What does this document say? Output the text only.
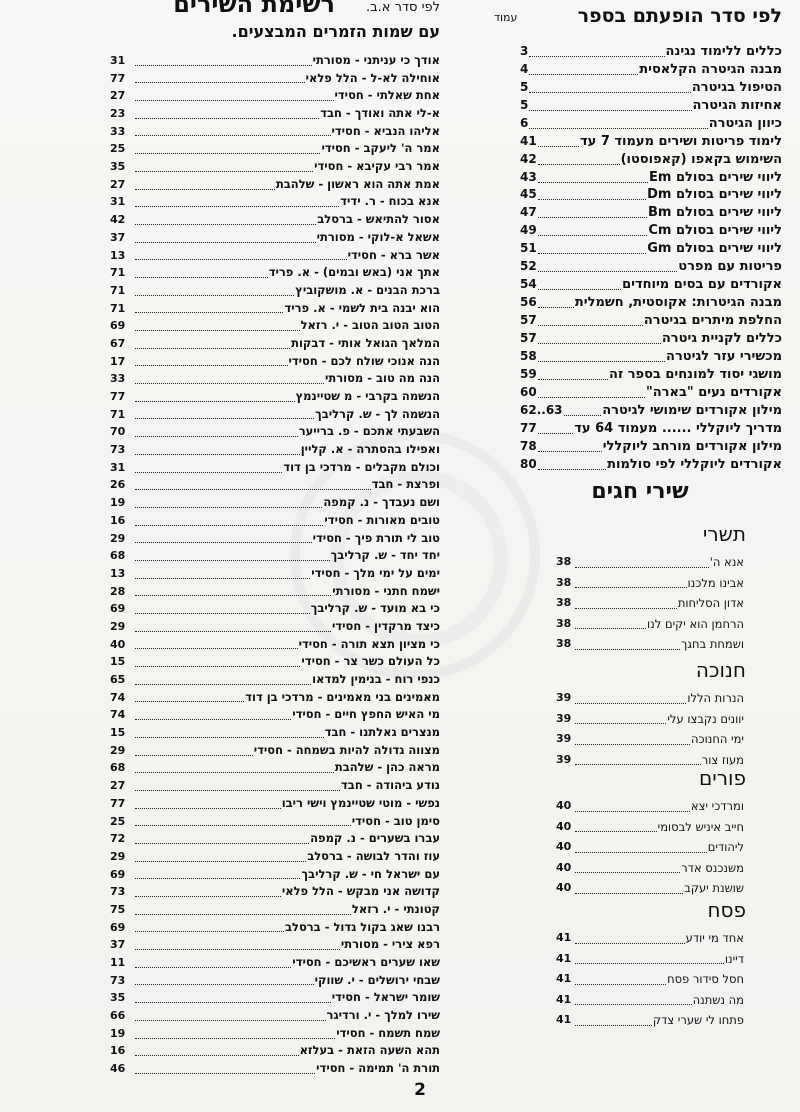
רשימת השירים לפי סדר א.ב.
עם שמות הזמרים המבצעים.
אודך כי עניתני - מסורתי
31
אוחילה לא-ל - הלל פלאי
77
אחת שאלתי - חסידי
27
א-לי אתה ואודך - חבד
23
אליהו הנביא - חסידי
33
אמר ה' ליעקב - חסידי
25
אמר רבי עקיבא - חסידי
35
אמת אתה הוא ראשון - שלהבת
27
אנא בכוח - ר. ידיד
31
אסור להתיאש - ברסלב
42
אשאל א-לוקי - מסורתי
37
אשר ברא - חסידי
13
אתך אני (באש ובמים) - א. פריד
71
ברכת הבנים - א. מושקוביץ
71
הוא יבנה בית לשמי - א. פריד
71
הטוב הטוב הטוב - י. רזאל
69
המלאך הגואל אותי - דבקות
67
הנה אנוכי שולח לכם - חסידי
17
הנה מה טוב - מסורתי
33
הנשמה בקרבי - מ שטיינמץ
77
הנשמה לך - ש. קרליבך
71
השבעתי אתכם - פ. ברייער
70
ואפילו בהסתרה - א. קליין
73
וכולם מקבלים - מרדכי בן דוד
31
ופרצת - חבד
26
ושם נעבדך - נ. קמפה
19
טובים מאורות - חסידי
16
טוב לי תורת פיך - חסידי
29
יחד יחד - ש. קרליבך
68
ימים על ימי מלך - חסידי
13
ישמח חתני - מסורתי
28
כי בא מועד - ש. קרליבך
69
כיצד מרקדין - חסידי
29
כי מציון תצא תורה - חסידי
40
כל העולם כשר צר - חסידי
15
כנפי רוח - בנימין למדאו
65
מאמינים בני מאמינים - מרדכי בן דוד
74
מי האיש החפץ חיים - חסידי
74
מנצרים גאלתנו - חבד
15
מצווה גדולה להיות בשמחה - חסידי
29
מראה כהן - שלהבת
68
נודע ביהודה - חבד
27
נפשי - מוטי שטיינמץ וישי ריבו
77
סימן טוב - חסידי
25
עברו בשערים - נ. קמפה
72
עוז והדר לבושה - ברסלב
29
עם ישראל חי - ש. קרליבך
69
קדושה אני מבקש - הלל פלאי
73
קטונתי - י. רזאל
75
רבנו שאג בקול גדול - ברסלב
69
רפא צירי - מסורתי
37
שאו שערים ראשיכם - חסידי
11
שבחי ירושלים - י. שווקי
73
שומר ישראל - חסידי
35
שירו למלך - י. ורדיגר
66
שמח תשמח - חסידי
19
תהא השעה הזאת - בעלזא
16
תורת ה' תמימה - חסידי
46
לפי סדר הופעתם בספר
עמוד
כללים ללימוד נגינה
3
מבנה הגיטרה הקלאסית
4
הטיפול בגיטרה
5
אחיזות הגיטרה
5
כיוון הגיטרה
6
לימוד פריטות ושירים מעמוד 7 עד
41
השימוש בקאפו (קאפוסטו)
42
ליווי שירים בסולם Em
43
ליווי שירים בסולם Dm
45
ליווי שירים בסולם Bm
47
ליווי שירים בסולם Cm
49
ליווי שירים בסולם Gm
51
פריטות עם מפרט
52
אקורדים עם בסים מיוחדים
54
מבנה הגיטרות: אקוסטית, חשמלית
56
החלפת מיתרים בגיטרה
57
כללים לקניית גיטרה
57
מכשירי עזר לגיטרה
58
מושגי יסוד למונחים בספר זה
59
אקורדים נעים "בארה"
60
מילון אקורדים שימושי לגיטרה
62..63
מדריך ליוקללי ...... מעמוד 64 עד
77
מילון אקורדים מורחב ליוקללי
78
אקורדים ליוקללי לפי סולמות
80
שירי חגים
תשרי
אנא ה'
38
אבינו מלכנו
38
אדון הסליחות
38
הרחמן הוא יקים לנו
38
ושמחת בחגך
38
חנוכה
הנרות הללו
39
יוונים נקבצו עלי
39
ימי החנוכה
39
מעוז צור
39
פורים
ומרדכי יצא
40
חייב איניש לבסומי
40
ליהודים
40
משנכנס אדר
40
שושנת יעקב
40
פסח
אחד מי יודע
41
דיינו
41
חסל סידור פסח
41
מה נשתנה
41
פתחו לי שערי צדק
41
2
